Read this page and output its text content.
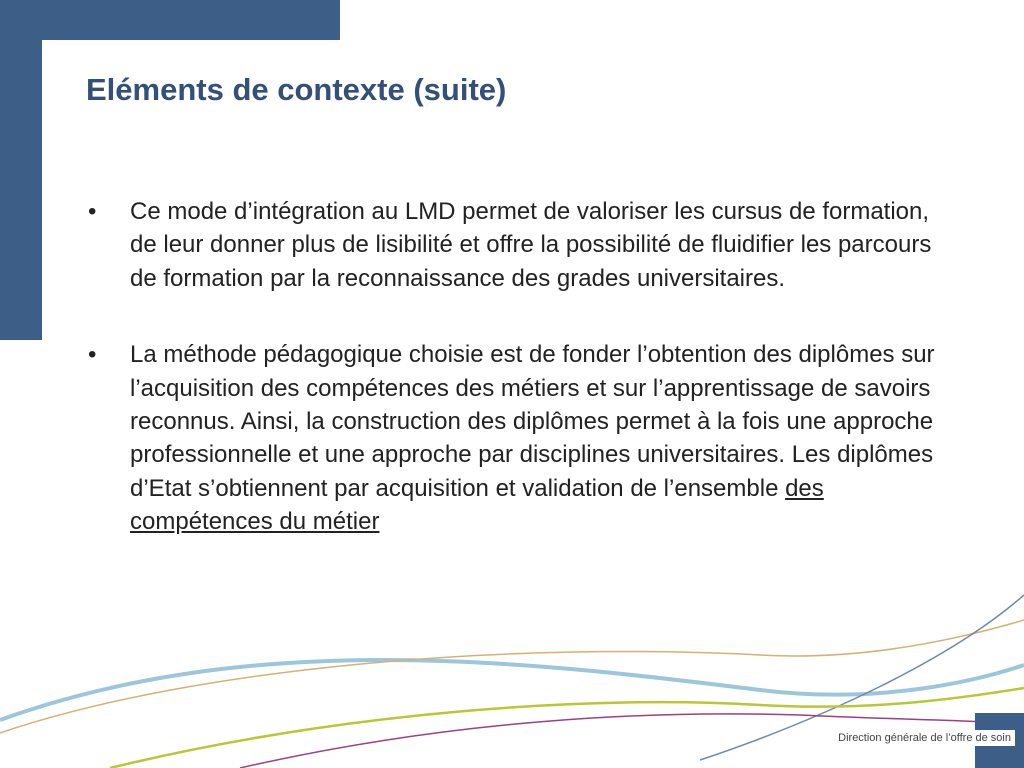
Eléments de contexte (suite)
• Ce mode d’intégration au LMD permet de valoriser les cursus de formation, de leur donner plus de lisibilité et offre la possibilité de fluidifier les parcours de formation par la reconnaissance des grades universitaires.
• La méthode pédagogique choisie est de fonder l’obtention des diplômes sur l’acquisition des compétences des métiers et sur l’apprentissage de savoirs reconnus. Ainsi, la construction des diplômes permet à la fois une approche professionnelle et une approche par disciplines universitaires. Les diplômes d’Etat s’obtiennent par acquisition et validation de l’ensemble des compétences du métier
Direction générale de l’offre de soin
